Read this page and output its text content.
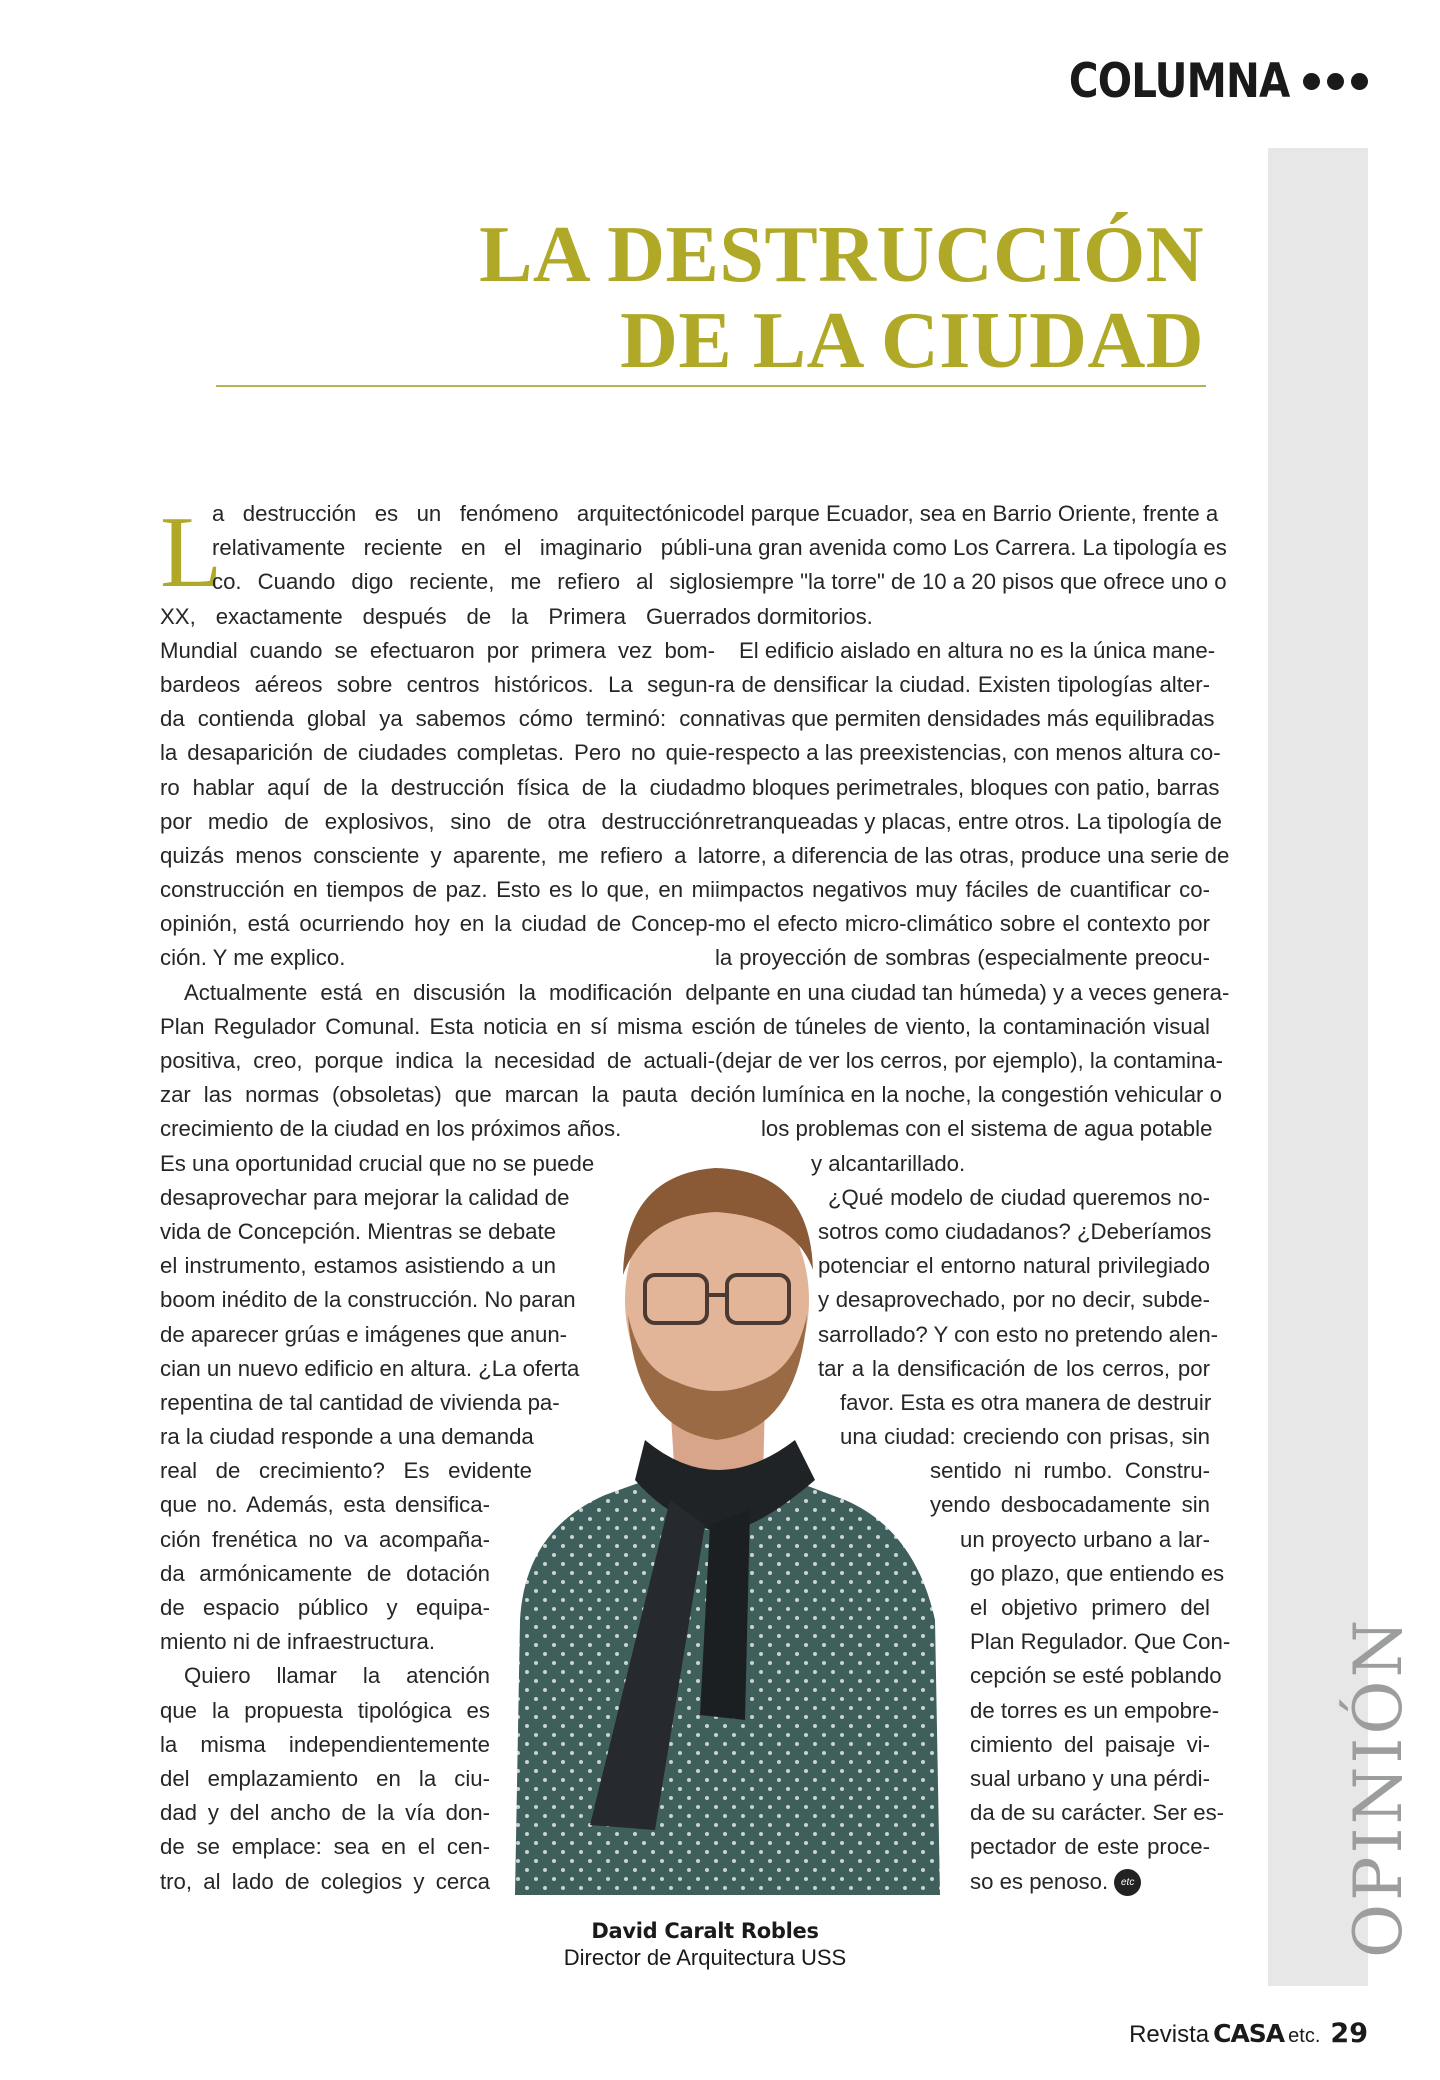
COLUMNA
OPINIÓN
LA DESTRUCCIÓN
DE LA CIUDAD
L
a destrucción es un fenómeno arquitectónico
relativamente reciente en el imaginario públi-
co. Cuando digo reciente, me refiero al siglo
XX, exactamente después de la Primera Guerra
Mundial cuando se efectuaron por primera vez bom-
bardeos aéreos sobre centros históricos. La segun-
da contienda global ya sabemos cómo terminó: con
la desaparición de ciudades completas. Pero no quie-
ro hablar aquí de la destrucción física de la ciudad
por medio de explosivos, sino de otra destrucción
quizás menos consciente y aparente, me refiero a la
construcción en tiempos de paz. Esto es lo que, en mi
opinión, está ocurriendo hoy en la ciudad de Concep-
ción. Y me explico.
Actualmente está en discusión la modificación del
Plan Regulador Comunal. Esta noticia en sí misma es
positiva, creo, porque indica la necesidad de actuali-
zar las normas (obsoletas) que marcan la pauta de
crecimiento de la ciudad en los próximos años.
Es una oportunidad crucial que no se puede
desaprovechar para mejorar la calidad de
vida de Concepción. Mientras se debate
el instrumento, estamos asistiendo a un
boom inédito de la construcción. No paran
de aparecer grúas e imágenes que anun-
cian un nuevo edificio en altura. ¿La oferta
repentina de tal cantidad de vivienda pa-
ra la ciudad responde a una demanda
real de crecimiento? Es evidente
que no. Además, esta densifica-
ción frenética no va acompaña-
da armónicamente de dotación
de espacio público y equipa-
miento ni de infraestructura.
Quiero llamar la atención
que la propuesta tipológica es
la misma independientemente
del emplazamiento en la ciu-
dad y del ancho de la vía don-
de se emplace: sea en el cen-
tro, al lado de colegios y cerca
del parque Ecuador, sea en Barrio Oriente, frente a
una gran avenida como Los Carrera. La tipología es
siempre "la torre" de 10 a 20 pisos que ofrece uno o
dos dormitorios.
El edificio aislado en altura no es la única mane-
ra de densificar la ciudad. Existen tipologías alter-
nativas que permiten densidades más equilibradas
respecto a las preexistencias, con menos altura co-
mo bloques perimetrales, bloques con patio, barras
retranqueadas y placas, entre otros. La tipología de
torre, a diferencia de las otras, produce una serie de
impactos negativos muy fáciles de cuantificar co-
mo el efecto micro-climático sobre el contexto por
la proyección de sombras (especialmente preocu-
pante en una ciudad tan húmeda) y a veces genera-
ción de túneles de viento, la contaminación visual
(dejar de ver los cerros, por ejemplo), la contamina-
ción lumínica en la noche, la congestión vehicular o
los problemas con el sistema de agua potable
y alcantarillado.
¿Qué modelo de ciudad queremos no-
sotros como ciudadanos? ¿Deberíamos
potenciar el entorno natural privilegiado
y desaprovechado, por no decir, subde-
sarrollado? Y con esto no pretendo alen-
tar a la densificación de los cerros, por
favor. Esta es otra manera de destruir
una ciudad: creciendo con prisas, sin
sentido ni rumbo. Constru-
yendo desbocadamente sin
un proyecto urbano a lar-
go plazo, que entiendo es
el objetivo primero del
Plan Regulador. Que Con-
cepción se esté poblando
de torres es un empobre-
cimiento del paisaje vi-
sual urbano y una pérdi-
da de su carácter. Ser es-
pectador de este proce-
so es penoso. etc
David Caralt Robles
Director de Arquitectura USS
Revista CASA etc. 29
